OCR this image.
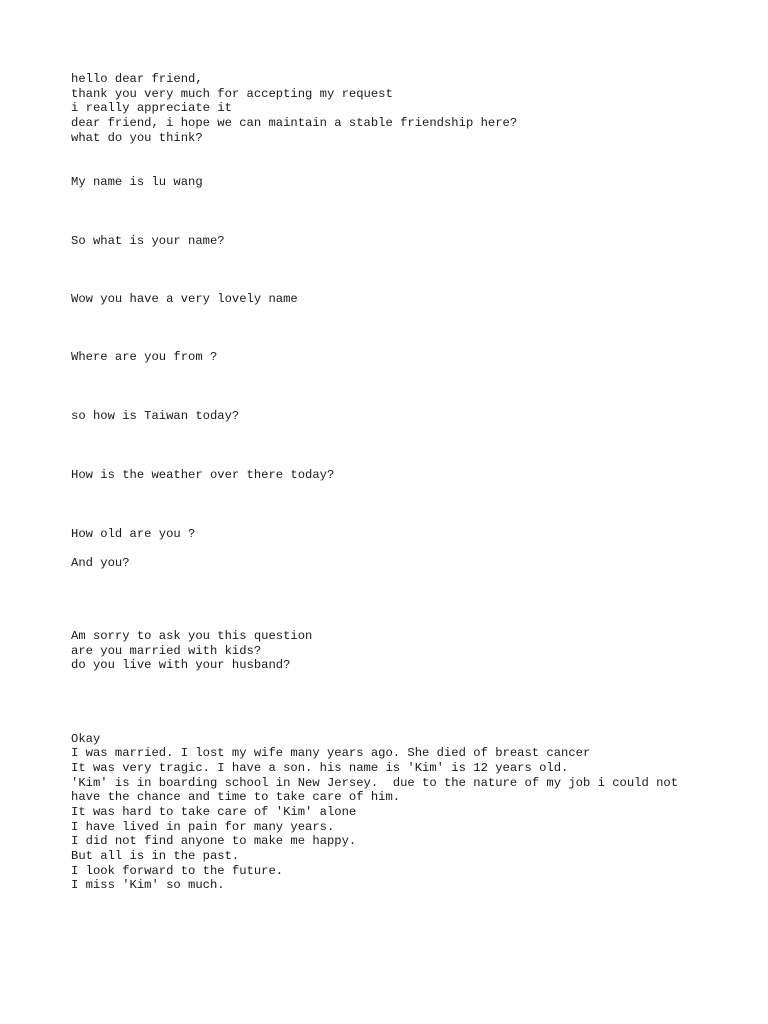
hello dear friend,
thank you very much for accepting my request
i really appreciate it
dear friend, i hope we can maintain a stable friendship here?
what do you think?
My name is lu wang
So what is your name?
Wow you have a very lovely name
Where are you from ?
so how is Taiwan today?
How is the weather over there today?
How old are you ?
And you?
Am sorry to ask you this question
are you married with kids?
do you live with your husband?
Okay
I was married. I lost my wife many years ago. She died of breast cancer
It was very tragic. I have a son. his name is 'Kim' is 12 years old.
'Kim' is in boarding school in New Jersey.  due to the nature of my job i could not
have the chance and time to take care of him.
It was hard to take care of 'Kim' alone
I have lived in pain for many years.
I did not find anyone to make me happy.
But all is in the past.
I look forward to the future.
I miss 'Kim' so much.
